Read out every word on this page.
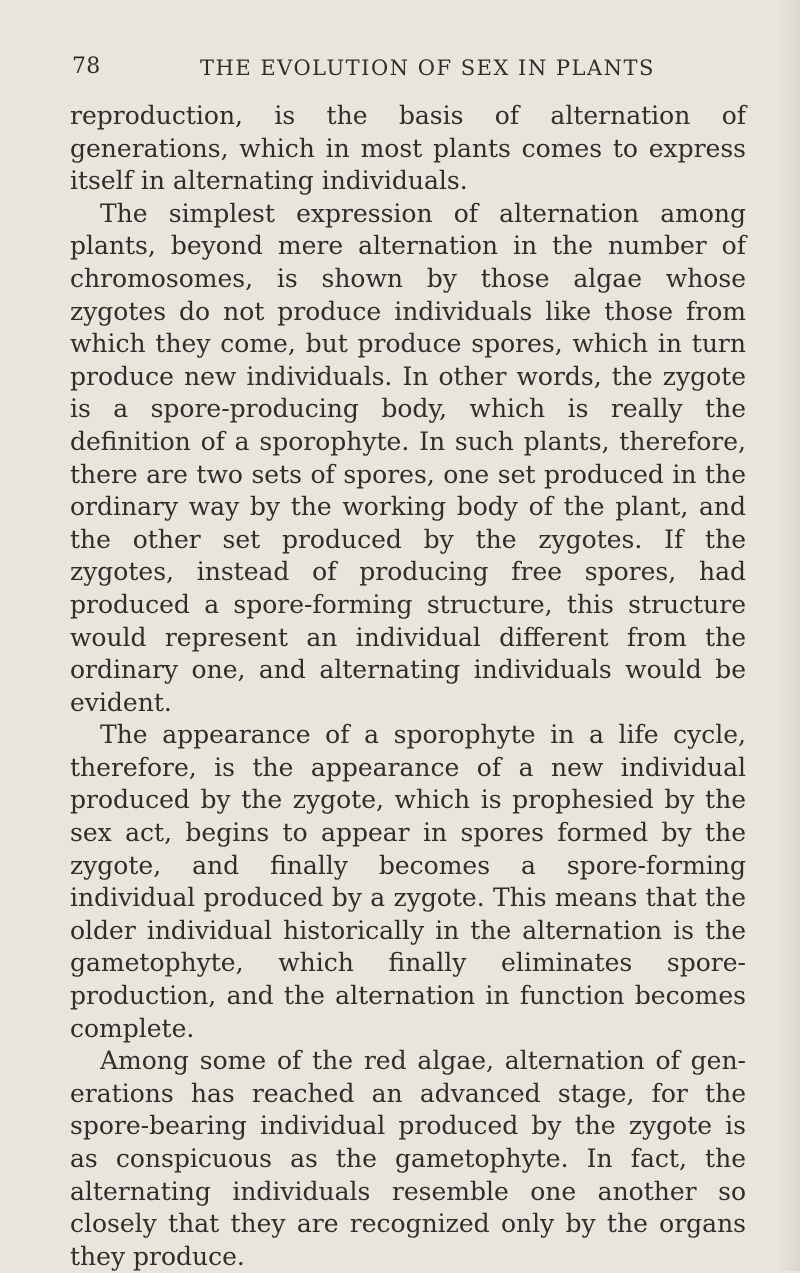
78	THE EVOLUTION OF SEX IN PLANTS

reproduction, is the basis of alternation of generations, which in most plants comes to express itself in alternating individuals.

The simplest expression of alternation among plants, beyond mere alternation in the number of chromosomes, is shown by those algae whose zygotes do not produce individuals like those from which they come, but produce spores, which in turn produce new individuals. In other words, the zygote is a spore-producing body, which is really the definition of a sporophyte. In such plants, therefore, there are two sets of spores, one set produced in the ordinary way by the working body of the plant, and the other set produced by the zygotes. If the zygotes, instead of producing free spores, had produced a spore-forming structure, this structure would represent an individual different from the ordinary one, and alternating individuals would be evident.

The appearance of a sporophyte in a life cycle, therefore, is the appearance of a new individual produced by the zygote, which is prophesied by the sex act, begins to appear in spores formed by the zygote, and finally becomes a spore-forming individual produced by a zygote. This means that the older individual historically in the alternation is the gametophyte, which finally eliminates spore-production, and the alternation in function becomes complete.

Among some of the red algae, alternation of generations has reached an advanced stage, for the spore-bearing individual produced by the zygote is as conspicuous as the gametophyte. In fact, the alternating individuals resemble one another so closely that they are recognized only by the organs they produce.
